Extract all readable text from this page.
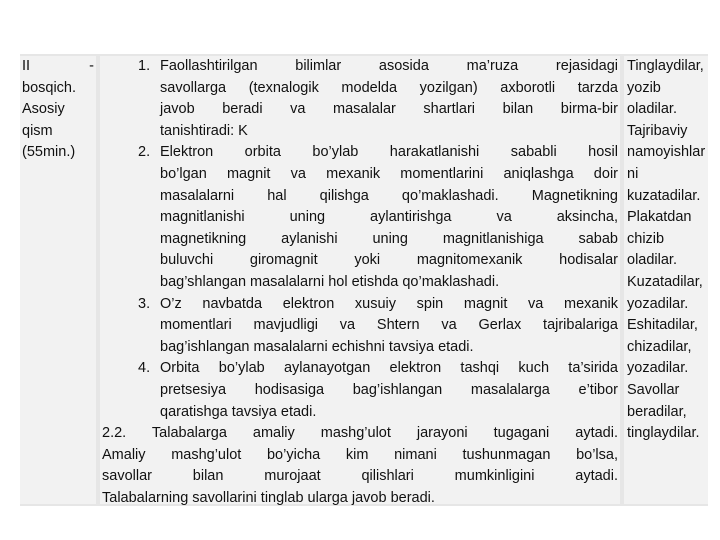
II -

bosqich.

Asosiy

qism

(55min.)

1. Faollashtirilgan bilimlar asosida ma’ruza rejasidagi

savollarga (texnalogik modelda yozilgan) axborotli tarzda

javob beradi va masalalar shartlari bilan birma-bir

tanishtiradi: K

2. Elektron orbita bo’ylab harakatlanishi sababli hosil

bo’lgan magnit va mexanik momentlarini aniqlashga doir

masalalarni hal qilishga qo’maklashadi. Magnetikning

magnitlanishi uning aylantirishga va aksincha,

magnetikning aylanishi uning magnitlanishiga sabab

buluvchi giromagnit yoki magnitomexanik hodisalar

bag’shlangan masalalarni hol etishda qo’maklashadi.

3. O’z navbatda elektron xusuiy spin magnit va mexanik

momentlari mavjudligi va Shtern va Gerlax tajribalariga

bag’ishlangan masalalarni echishni tavsiya etadi.

4. Orbita bo’ylab aylanayotgan elektron tashqi kuch ta’sirida

pretsesiya hodisasiga bag’ishlangan masalalarga e’tibor

qaratishga tavsiya etadi.

2.2. Talabalarga amaliy mashg’ulot jarayoni tugagani aytadi.

Amaliy mashg’ulot bo’yicha kim nimani tushunmagan bo’lsa,

savollar bilan murojaat qilishlari mumkinligini aytadi.

Talabalarning savollarini tinglab ularga javob beradi.

Tinglaydilar,

yozib

oladilar.

Tajribaviy

namoyishlar

ni

kuzatadilar.

Plakatdan

chizib

oladilar.

Kuzatadilar,

yozadilar.

Eshitadilar,

chizadilar,

yozadilar.

Savollar

beradilar,

tinglaydilar.
